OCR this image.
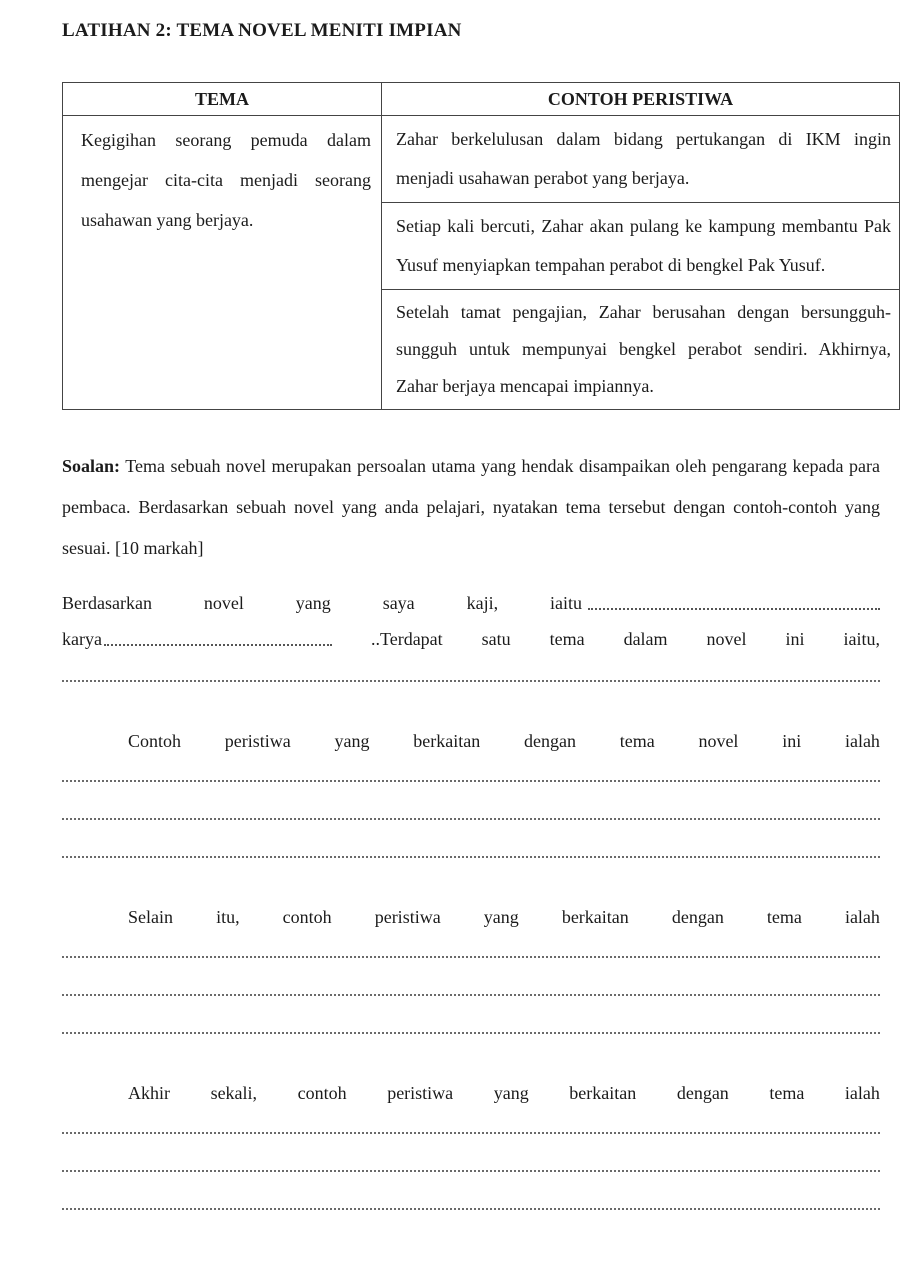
LATIHAN 2: TEMA NOVEL MENITI IMPIAN
TEMA	CONTOH PERISTIWA
Kegigihan seorang pemuda dalam mengejar cita-cita menjadi seorang usahawan yang berjaya.	Zahar berkelulusan dalam bidang pertukangan di IKM ingin menjadi usahawan perabot yang berjaya.
	Setiap kali bercuti, Zahar akan pulang ke kampung membantu Pak Yusuf menyiapkan tempahan perabot di bengkel Pak Yusuf.
	Setelah tamat pengajian, Zahar berusahan dengan bersungguh-sungguh untuk mempunyai bengkel perabot sendiri. Akhirnya, Zahar berjaya mencapai impiannya.
Soalan: Tema sebuah novel merupakan persoalan utama yang hendak disampaikan oleh pengarang kepada para pembaca. Berdasarkan sebuah novel yang anda pelajari, nyatakan tema tersebut dengan contoh-contoh yang sesuai. [10 markah]
Berdasarkan	novel	yang	saya	kaji,	iaitu
karya	..Terdapat satu tema dalam novel ini iaitu,
Contoh peristiwa yang berkaitan dengan tema novel ini ialah
Selain itu, contoh peristiwa yang berkaitan dengan tema ialah
Akhir sekali, contoh peristiwa yang berkaitan dengan tema ialah
